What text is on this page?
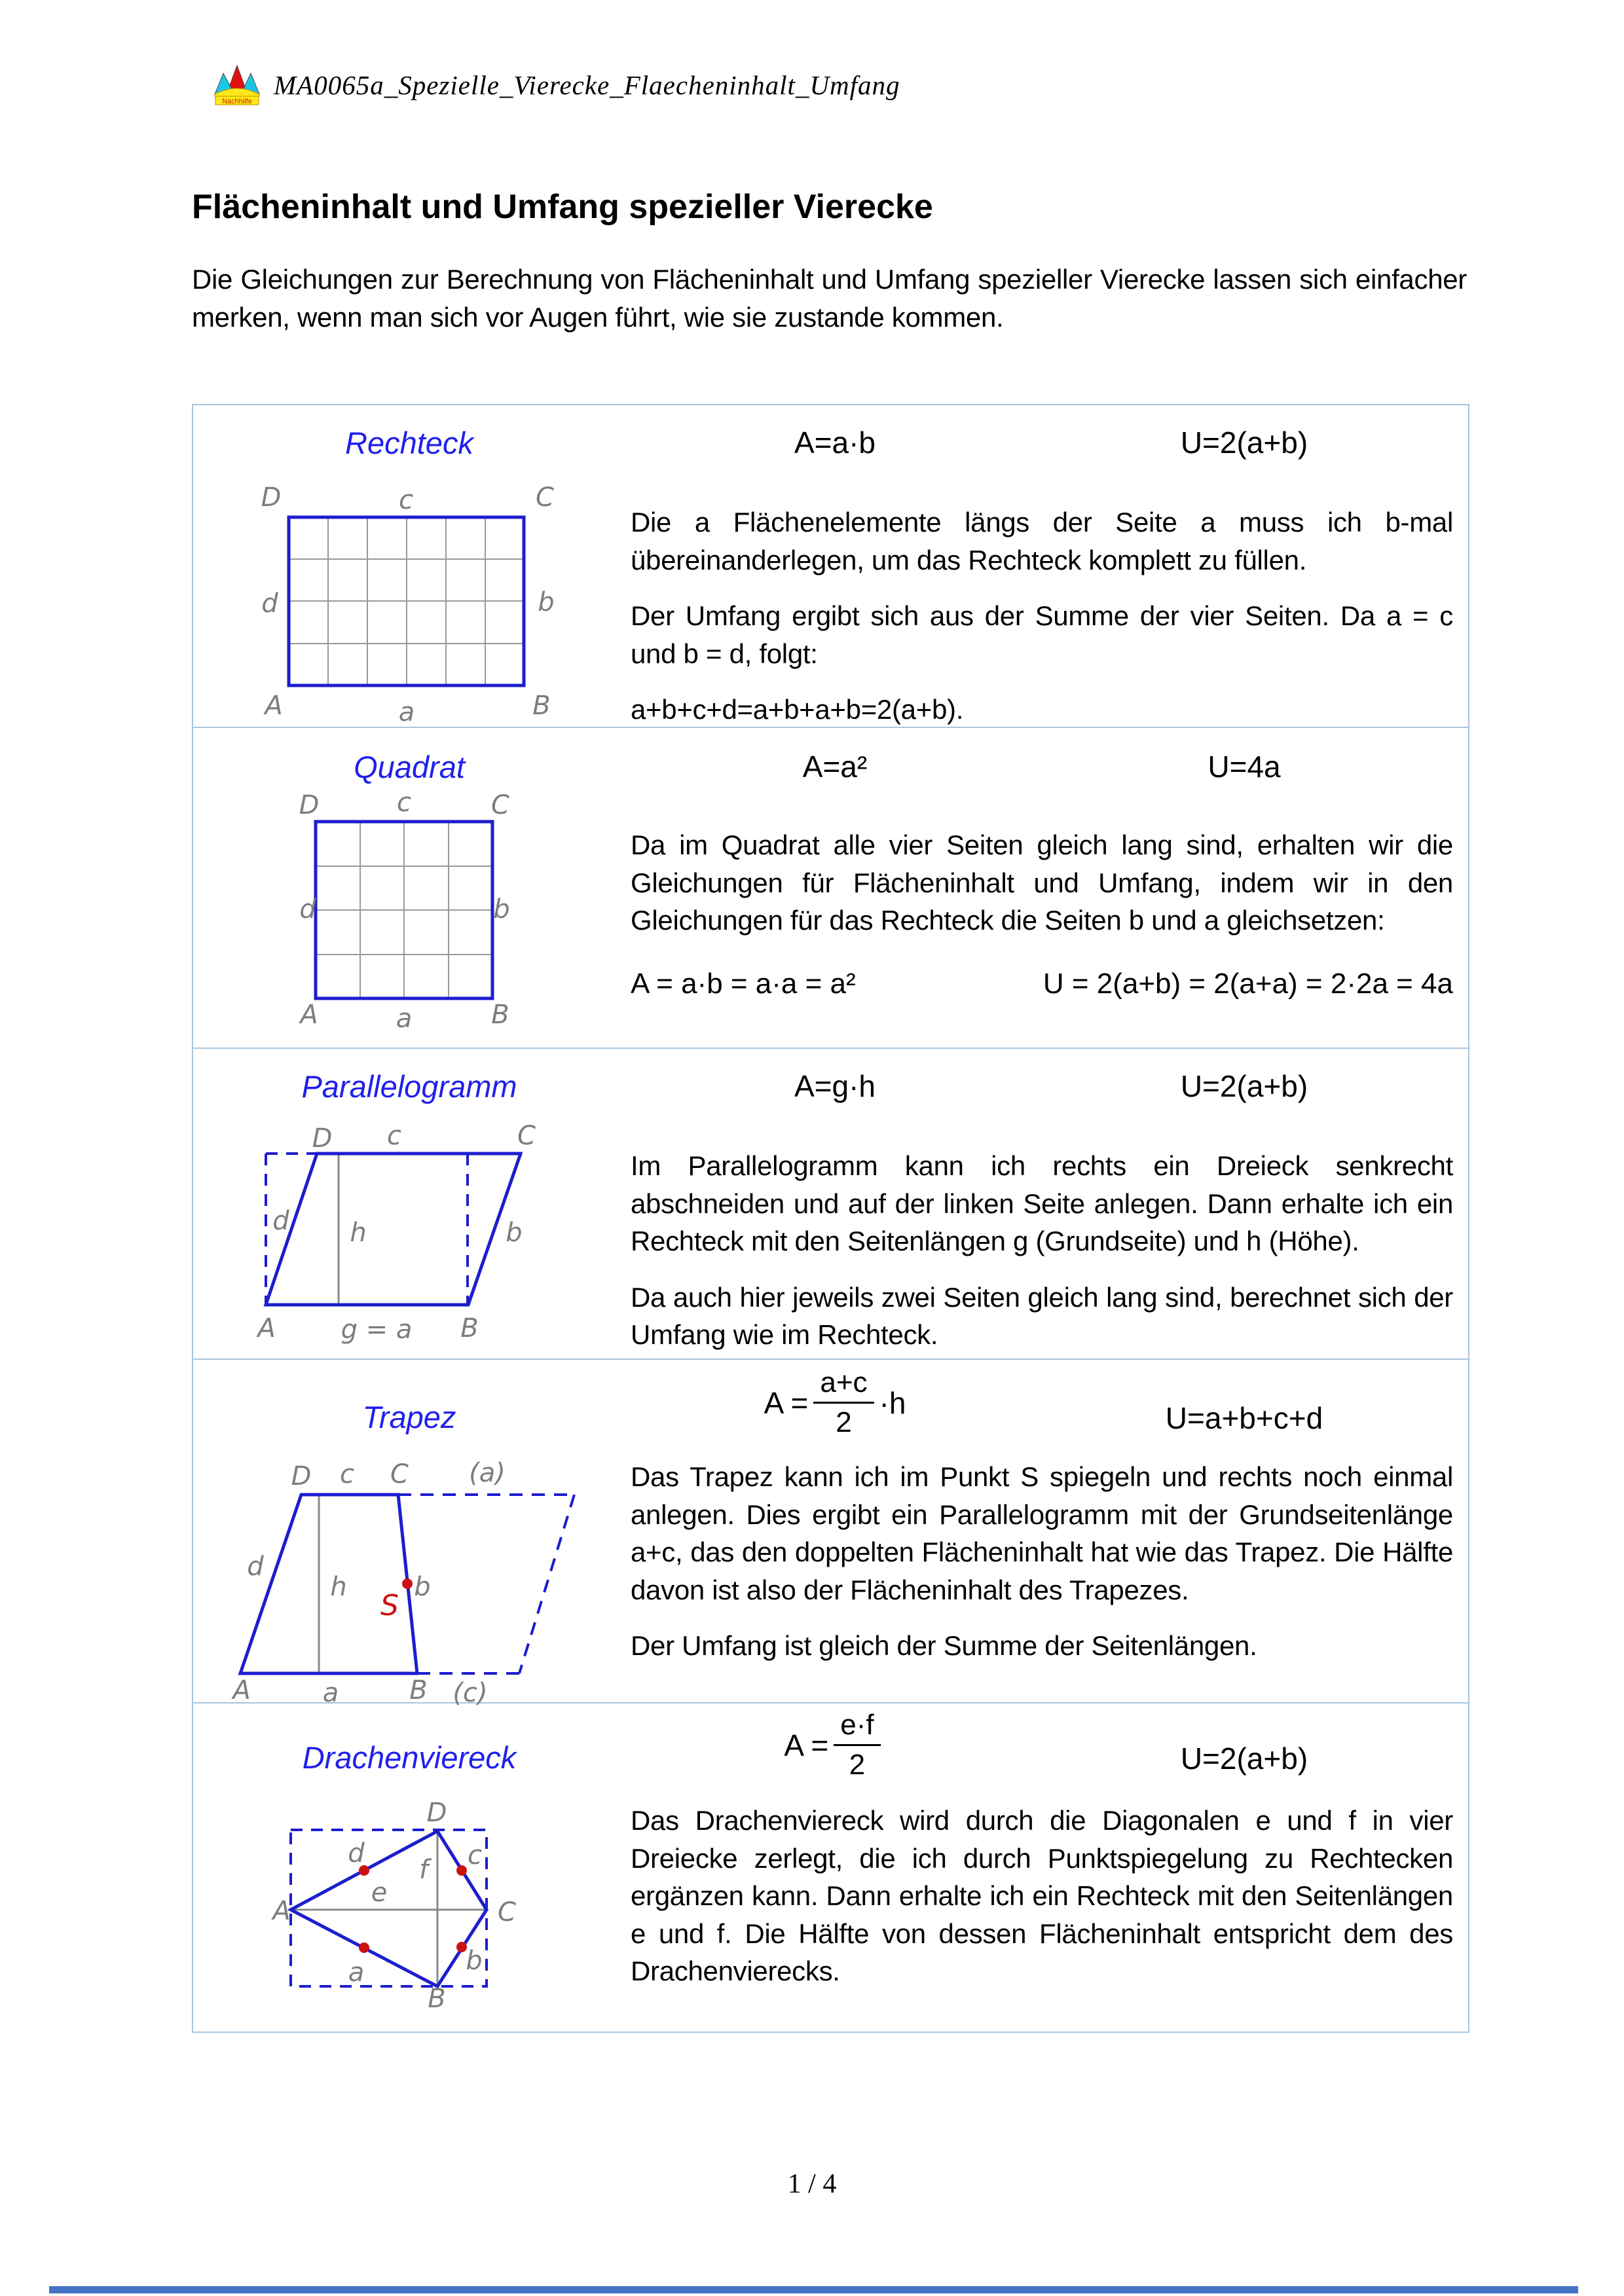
Nachhilfe
MA0065a_Spezielle_Vierecke_Flaecheninhalt_Umfang
Flächeninhalt und Umfang spezieller Vierecke
Die Gleichungen zur Berechnung von Flächeninhalt und Umfang spezieller Vierecke lassen sich einfacher merken, wenn man sich vor Augen führt, wie sie zustande kommen.
Rechteck	A=a·b	U=2(a+b)
D	c	C
d	b
A	a	B

Die a Flächenelemente längs der Seite a muss ich b-mal übereinanderlegen, um das Rechteck komplett zu füllen.

Der Umfang ergibt sich aus der Summe der vier Seiten. Da a = c und b = d, folgt:

a+b+c+d=a+b+a+b=2(a+b).

Quadrat	A=a²	U=4a
D	c	C
d	b
A	a	B

Da im Quadrat alle vier Seiten gleich lang sind, erhalten wir die Gleichungen für Flächeninhalt und Umfang, indem wir in den Gleichungen für das Rechteck die Seiten b und a gleichsetzen:

A = a·b = a·a = a²	U = 2(a+b) = 2(a+a) = 2·2a = 4a
Parallelogramm	A=g·h	U=2(a+b)
D c	C
d h	b
A g = a B

Im Parallelogramm kann ich rechts ein Dreieck senkrecht abschneiden und auf der linken Seite anlegen. Dann erhalte ich ein Rechteck mit den Seitenlängen g (Grundseite) und h (Höhe).

Da auch hier jeweils zwei Seiten gleich lang sind, berechnet sich der Umfang wie im Rechteck.

Trapez	$A = \frac{a+c}{2} \cdot h$	U=a+b+c+d
D c C (a)
d
h	b
S
A	a	B (c)

Das Trapez kann ich im Punkt S spiegeln und rechts noch einmal anlegen. Dies ergibt ein Parallelogramm mit der Grundseitenlänge a+c, das den doppelten Flächeninhalt hat wie das Trapez. Die Hälfte davon ist also der Flächeninhalt des Trapezes.

Der Umfang ist gleich der Summe der Seitenlängen.

Drachenviereck	$A = \frac{e\cdot f}{2}$	U=2(a+b)
A
D
C
B
d	c
f
e
a	b

Das Drachenviereck wird durch die Diagonalen e und f in vier Dreiecke zerlegt, die ich durch Punktspiegelung zu Rechtecken ergänzen kann. Dann erhalte ich ein Rechteck mit den Seitenlängen e und f. Die Hälfte von dessen Flächeninhalt entspricht dem des Drachenvierecks.

1 / 4
